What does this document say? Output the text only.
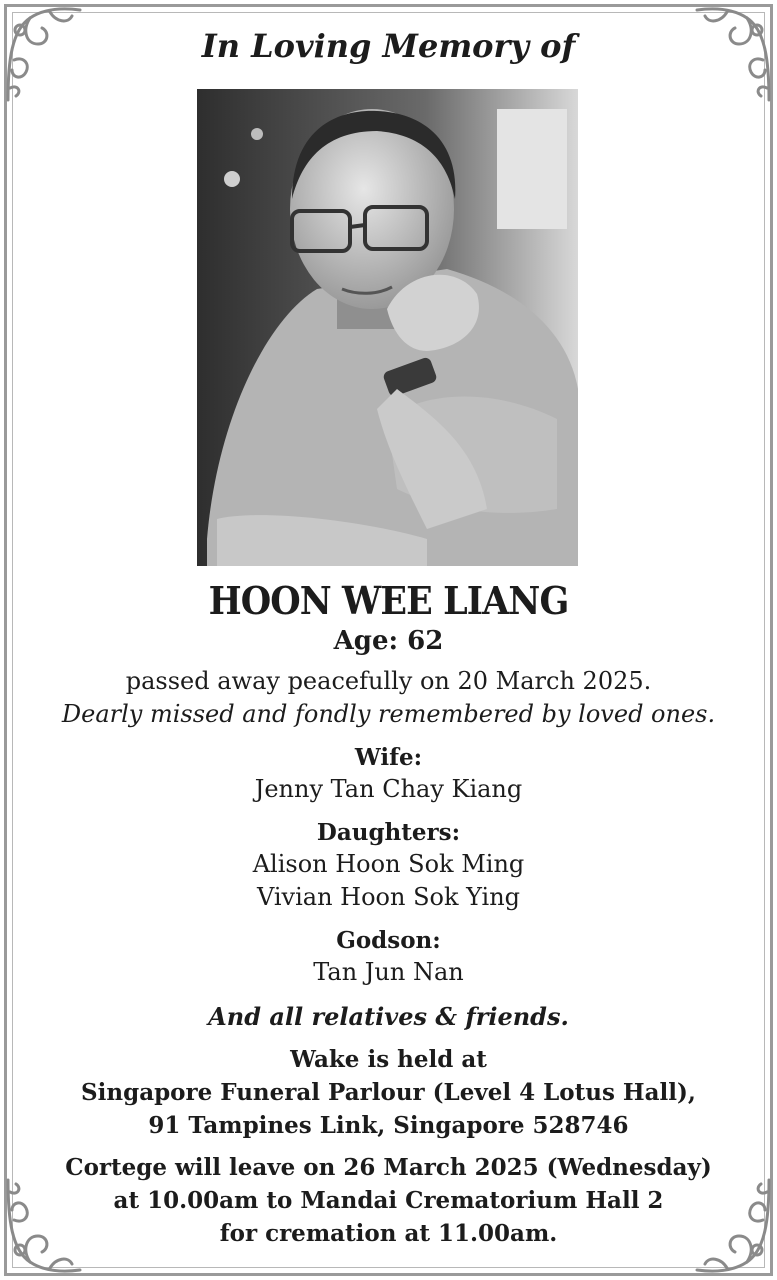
In Loving Memory of
HOON WEE LIANG
Age: 62
passed away peacefully on 20 March 2025.
Dearly missed and fondly remembered by loved ones.
Wife:
Jenny Tan Chay Kiang
Daughters:
Alison Hoon Sok Ming
Vivian Hoon Sok Ying
Godson:
Tan Jun Nan
And all relatives & friends.
Wake is held at
Singapore Funeral Parlour (Level 4 Lotus Hall),
91 Tampines Link, Singapore 528746
Cortege will leave on 26 March 2025 (Wednesday)
at 10.00am to Mandai Crematorium Hall 2
for cremation at 11.00am.
